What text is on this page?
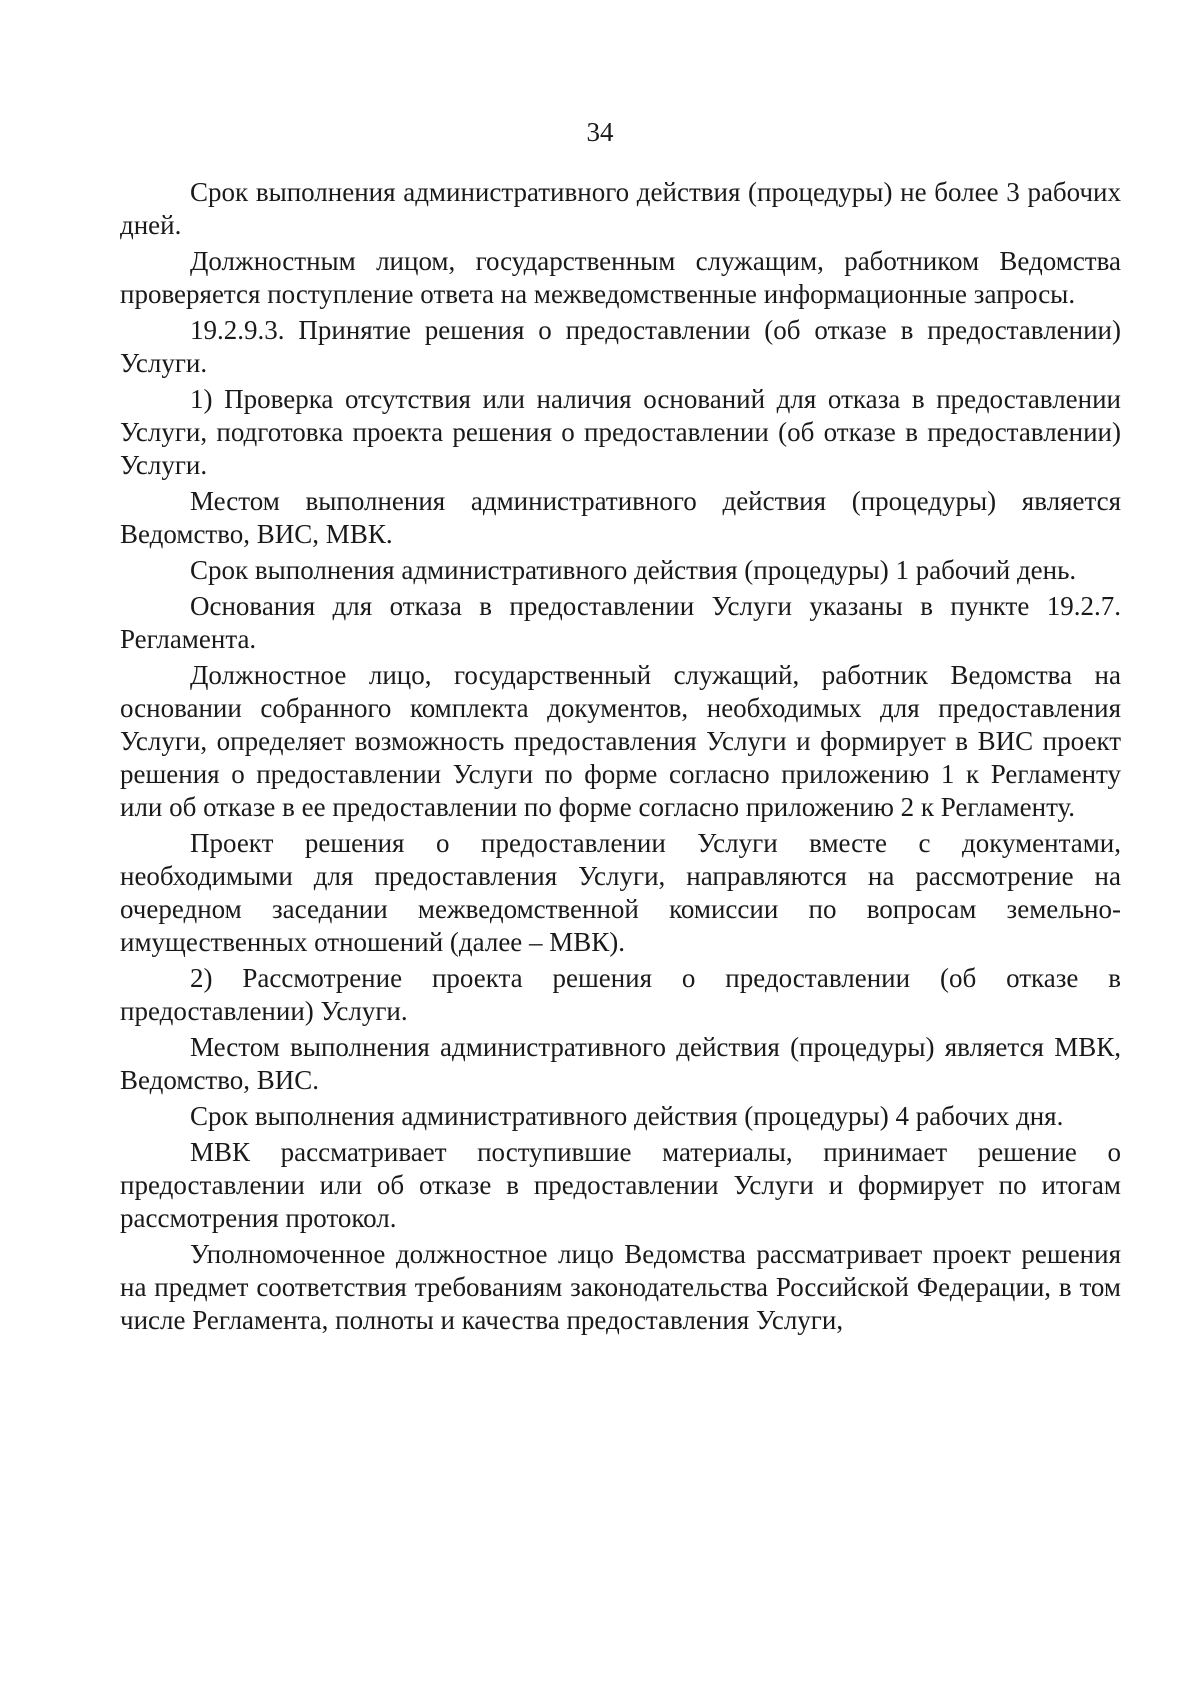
34

Срок выполнения административного действия (процедуры) не более 3 рабочих дней.

Должностным лицом, государственным служащим, работником Ведомства проверяется поступление ответа на межведомственные информационные запросы.

19.2.9.3. Принятие решения о предоставлении (об отказе в предоставлении) Услуги.

1) Проверка отсутствия или наличия оснований для отказа в предоставлении Услуги, подготовка проекта решения о предоставлении (об отказе в предоставлении) Услуги.

Местом выполнения административного действия (процедуры) является Ведомство, ВИС, МВК.

Срок выполнения административного действия (процедуры) 1 рабочий день.

Основания для отказа в предоставлении Услуги указаны в пункте 19.2.7. Регламента.

Должностное лицо, государственный служащий, работник Ведомства на основании собранного комплекта документов, необходимых для предоставления Услуги, определяет возможность предоставления Услуги и формирует в ВИС проект решения о предоставлении Услуги по форме согласно приложению 1 к Регламенту или об отказе в ее предоставлении по форме согласно приложению 2 к Регламенту.

Проект решения о предоставлении Услуги вместе с документами, необходимыми для предоставления Услуги, направляются на рассмотрение на очередном заседании межведомственной комиссии по вопросам земельно-имущественных отношений (далее – МВК).

2) Рассмотрение проекта решения о предоставлении (об отказе в предоставлении) Услуги.

Местом выполнения административного действия (процедуры) является МВК, Ведомство, ВИС.

Срок выполнения административного действия (процедуры) 4 рабочих дня.

МВК рассматривает поступившие материалы, принимает решение о предоставлении или об отказе в предоставлении Услуги и формирует по итогам рассмотрения протокол.

Уполномоченное должностное лицо Ведомства рассматривает проект решения на предмет соответствия требованиям законодательства Российской Федерации, в том числе Регламента, полноты и качества предоставления Услуги,
